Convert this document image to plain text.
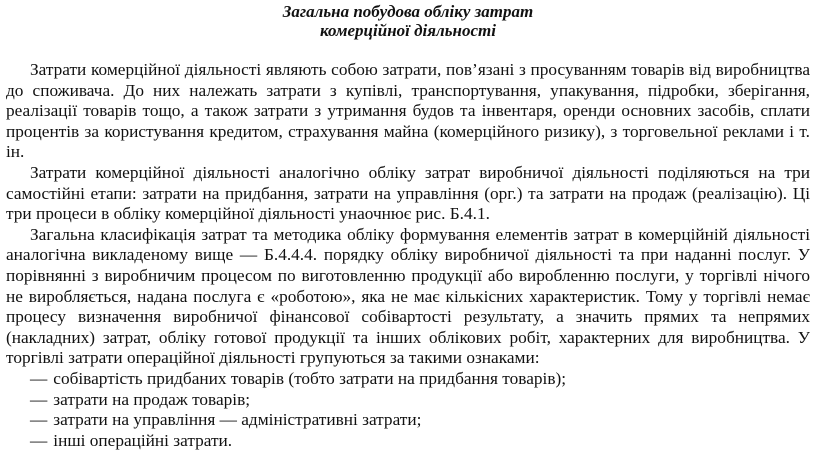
Загальна побудова обліку затрат
комерційної діяльності

Затрати комерційної діяльності являють собою затрати, пов’язані з просуванням товарів від виробництва до споживача. До них належать затрати з купівлі, транспортування, упакування, підробки, зберігання, реалізації товарів тощо, а також затрати з утримання будов та інвентаря, оренди основних засобів, сплати процентів за користування кредитом, страхування майна (комерційного ризику), з торговельної реклами і т. ін.

Затрати комерційної діяльності аналогічно обліку затрат виробничої діяльності поділяються на три самостійні етапи: затрати на придбання, затрати на управління (орг.) та затрати на продаж (реалізацію). Ці три процеси в обліку комерційної діяльності унаочнює рис. Б.4.1.

Загальна класифікація затрат та методика обліку формування елементів затрат в комерційній діяльності аналогічна викладеному вище — Б.4.4.4. порядку обліку виробничої діяльності та при наданні послуг. У порівнянні з виробничим процесом по виготовленню продукції або виробленню послуги, у торгівлі нічого не виробляється, надана послуга є «роботою», яка не має кількісних характеристик. Тому у торгівлі немає процесу визначення виробничої фінансової собівартості результату, а значить прямих та непрямих (накладних) затрат, обліку готової продукції та інших облікових робіт, характерних для виробництва. У торгівлі затрати операційної діяльності групуються за такими ознаками:

— собівартість придбаних товарів (тобто затрати на придбання товарів);
— затрати на продаж товарів;
— затрати на управління — адміністративні затрати;
— інші операційні затрати.
